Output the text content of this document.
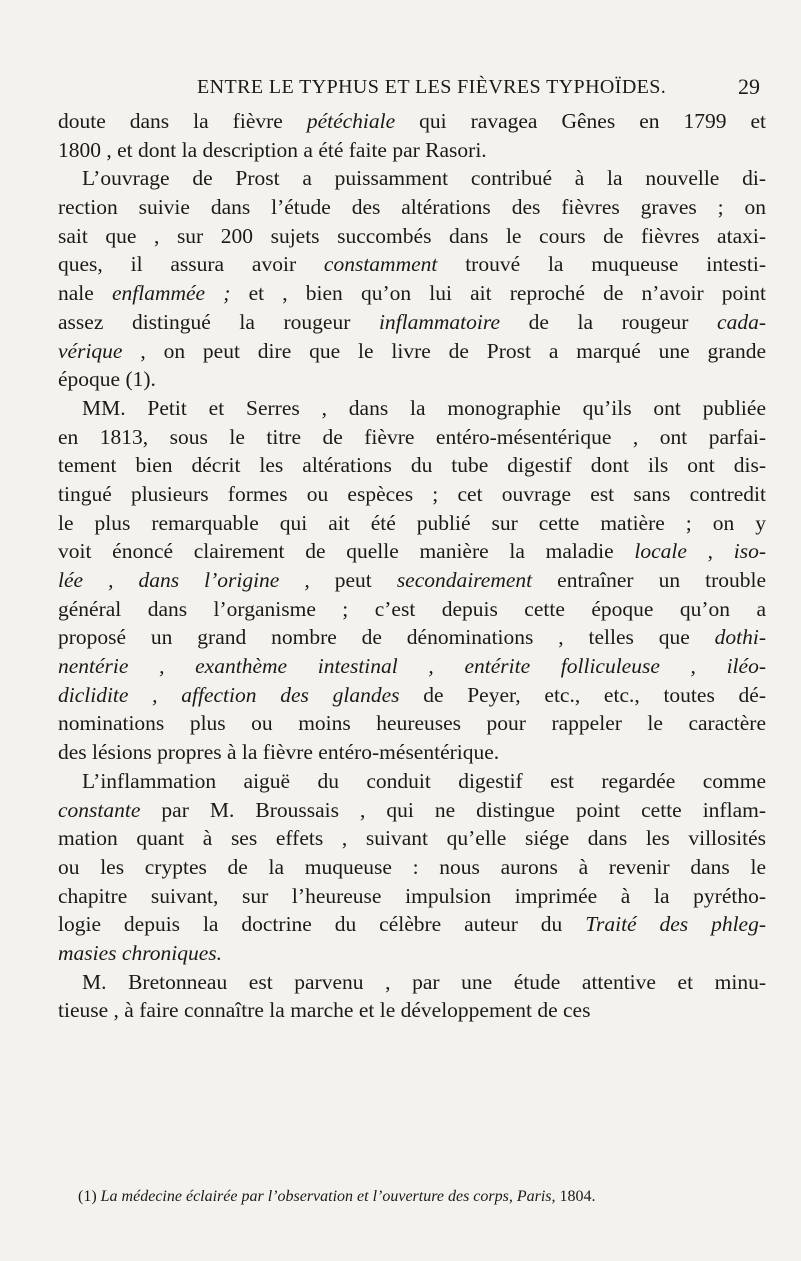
ENTRE LE TYPHUS ET LES FIÈVRES TYPHOÏDES.	29
doute dans la fièvre pétéchiale qui ravagea Gênes en 1799 et
1800 , et dont la description a été faite par Rasori.
L’ouvrage de Prost a puissamment contribué à la nouvelle di-
rection suivie dans l’étude des altérations des fièvres graves ; on
sait que , sur 200 sujets succombés dans le cours de fièvres ataxi-
ques, il assura avoir constamment trouvé la muqueuse intesti-
nale enflammée ; et , bien qu’on lui ait reproché de n’avoir point
assez distingué la rougeur inflammatoire de la rougeur cada-
vérique , on peut dire que le livre de Prost a marqué une grande
époque (1).
MM. Petit et Serres , dans la monographie qu’ils ont publiée
en 1813, sous le titre de fièvre entéro-mésentérique , ont parfai-
tement bien décrit les altérations du tube digestif dont ils ont dis-
tingué plusieurs formes ou espèces ; cet ouvrage est sans contredit
le plus remarquable qui ait été publié sur cette matière ; on y
voit énoncé clairement de quelle manière la maladie locale , iso-
lée , dans l’origine , peut secondairement entraîner un trouble
général dans l’organisme ; c’est depuis cette époque qu’on a
proposé un grand nombre de dénominations , telles que dothi-
nentérie , exanthème intestinal , entérite folliculeuse , iléo-
diclidite , affection des glandes de Peyer, etc., etc., toutes dé-
nominations plus ou moins heureuses pour rappeler le caractère
des lésions propres à la fièvre entéro-mésentérique.
L’inflammation aiguë du conduit digestif est regardée comme
constante par M. Broussais , qui ne distingue point cette inflam-
mation quant à ses effets , suivant qu’elle siége dans les villosités
ou les cryptes de la muqueuse : nous aurons à revenir dans le
chapitre suivant, sur l’heureuse impulsion imprimée à la pyrétho-
logie depuis la doctrine du célèbre auteur du Traité des phleg-
masies chroniques.
M. Bretonneau est parvenu , par une étude attentive et minu-
tieuse , à faire connaître la marche et le développement de ces
(1) La médecine éclairée par l’observation et l’ouverture des corps, Paris, 1804.
